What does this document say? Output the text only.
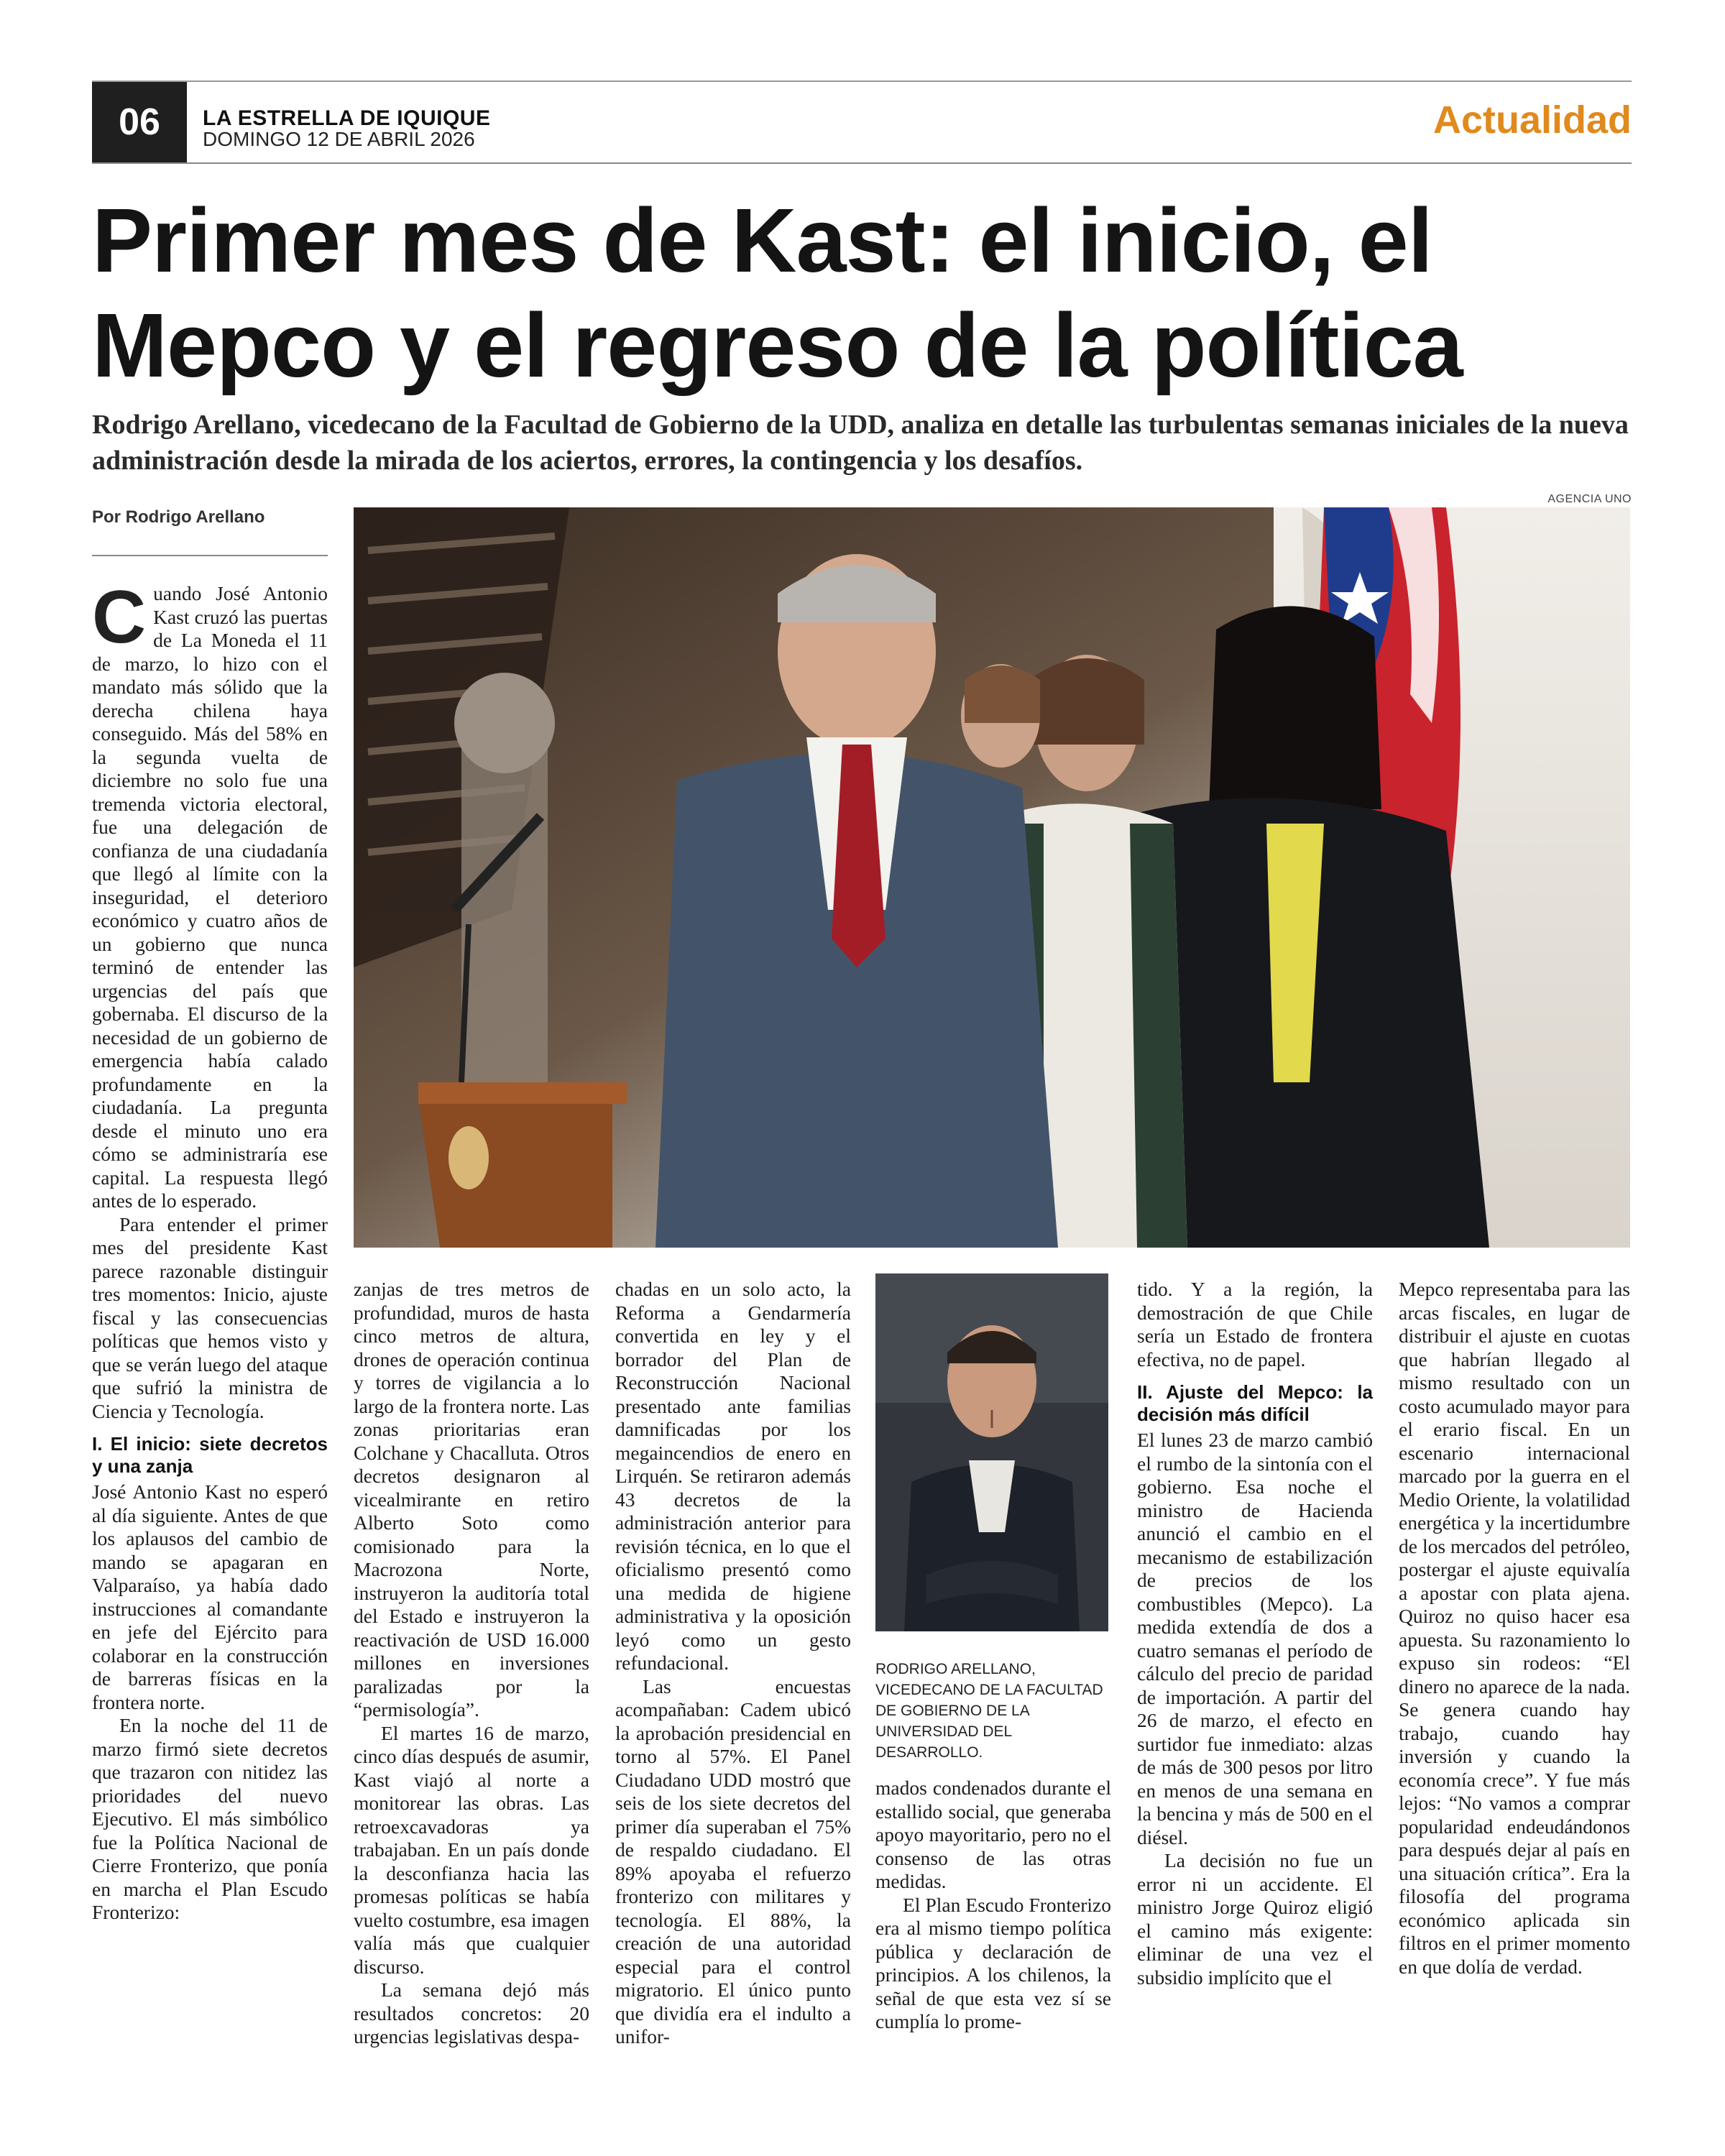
06	LA ESTRELLA DE IQUIQUE
DOMINGO 12 DE ABRIL 2026	Actualidad
Primer mes de Kast: el inicio, el Mepco y el regreso de la política
Rodrigo Arellano, vicedecano de la Facultad de Gobierno de la UDD, analiza en detalle las turbulentas semanas iniciales de la nueva administración desde la mirada de los aciertos, errores, la contingencia y los desafíos.
Por Rodrigo Arellano
AGENCIA UNO

Cuando José Antonio Kast cruzó las puertas de La Moneda el 11 de marzo, lo hizo con el mandato más sólido que la derecha chilena haya conseguido. Más del 58% en la segunda vuelta de diciembre no solo fue una tremenda victoria electoral, fue una delegación de confianza de una ciudadanía que llegó al límite con la inseguridad, el deterioro económico y cuatro años de un gobierno que nunca terminó de entender las urgencias del país que gobernaba. El discurso de la necesidad de un gobierno de emergencia había calado profundamente en la ciudadanía. La pregunta desde el minuto uno era cómo se administraría ese capital. La respuesta llegó antes de lo esperado.

Para entender el primer mes del presidente Kast parece razonable distinguir tres momentos: Inicio, ajuste fiscal y las consecuencias políticas que hemos visto y que se verán luego del ataque que sufrió la ministra de Ciencia y Tecnología.

I. El inicio: siete decretos y una zanja

José Antonio Kast no esperó al día siguiente. Antes de que los aplausos del cambio de mando se apagaran en Valparaíso, ya había dado instrucciones al comandante en jefe del Ejército para colaborar en la construcción de barreras físicas en la frontera norte.

En la noche del 11 de marzo firmó siete decretos que trazaron con nitidez las prioridades del nuevo Ejecutivo. El más simbólico fue la Política Nacional de Cierre Fronterizo, que ponía en marcha el Plan Escudo Fronterizo:

zanjas de tres metros de profundidad, muros de hasta cinco metros de altura, drones de operación continua y torres de vigilancia a lo largo de la frontera norte. Las zonas prioritarias eran Colchane y Chacalluta. Otros decretos designaron al vicealmirante en retiro Alberto Soto como comisionado para la Macrozona Norte, instruyeron la auditoría total del Estado e instruyeron la reactivación de USD 16.000 millones en inversiones paralizadas por la “permisología”.

El martes 16 de marzo, cinco días después de asumir, Kast viajó al norte a monitorear las obras. Las retroexcavadoras ya trabajaban. En un país donde la desconfianza hacia las promesas políticas se había vuelto costumbre, esa imagen valía más que cualquier discurso.

La semana dejó más resultados concretos: 20 urgencias legislativas despa-

chadas en un solo acto, la Reforma a Gendarmería convertida en ley y el borrador del Plan de Reconstrucción Nacional presentado ante familias damnificadas por los megaincendios de enero en Lirquén. Se retiraron además 43 decretos de la administración anterior para revisión técnica, en lo que el oficialismo presentó como una medida de higiene administrativa y la oposición leyó como un gesto refundacional.

Las encuestas acompañaban: Cadem ubicó la aprobación presidencial en torno al 57%. El Panel Ciudadano UDD mostró que seis de los siete decretos del primer día superaban el 75% de respaldo ciudadano. El 89% apoyaba el refuerzo fronterizo con militares y tecnología. El 88%, la creación de una autoridad especial para el control migratorio. El único punto que dividía era el indulto a unifor-

RODRIGO ARELLANO, VICEDECANO DE LA FACULTAD DE GOBIERNO DE LA UNIVERSIDAD DEL DESARROLLO.

mados condenados durante el estallido social, que generaba apoyo mayoritario, pero no el consenso de las otras medidas.

El Plan Escudo Fronterizo era al mismo tiempo política pública y declaración de principios. A los chilenos, la señal de que esta vez sí se cumplía lo prome-

tido. Y a la región, la demostración de que Chile sería un Estado de frontera efectiva, no de papel.

II. Ajuste del Mepco: la decisión más difícil

El lunes 23 de marzo cambió el rumbo de la sintonía con el gobierno. Esa noche el ministro de Hacienda anunció el cambio en el mecanismo de estabilización de precios de los combustibles (Mepco). La medida extendía de dos a cuatro semanas el período de cálculo del precio de paridad de importación. A partir del 26 de marzo, el efecto en surtidor fue inmediato: alzas de más de 300 pesos por litro en menos de una semana en la bencina y más de 500 en el diésel.

La decisión no fue un error ni un accidente. El ministro Jorge Quiroz eligió el camino más exigente: eliminar de una vez el subsidio implícito que el

Mepco representaba para las arcas fiscales, en lugar de distribuir el ajuste en cuotas que habrían llegado al mismo resultado con un costo acumulado mayor para el erario fiscal. En un escenario internacional marcado por la guerra en el Medio Oriente, la volatilidad energética y la incertidumbre de los mercados del petróleo, postergar el ajuste equivalía a apostar con plata ajena. Quiroz no quiso hacer esa apuesta. Su razonamiento lo expuso sin rodeos: “El dinero no aparece de la nada. Se genera cuando hay trabajo, cuando hay inversión y cuando la economía crece”. Y fue más lejos: “No vamos a comprar popularidad endeudándonos para después dejar al país en una situación crítica”. Era la filosofía del programa económico aplicada sin filtros en el primer momento en que dolía de verdad.
